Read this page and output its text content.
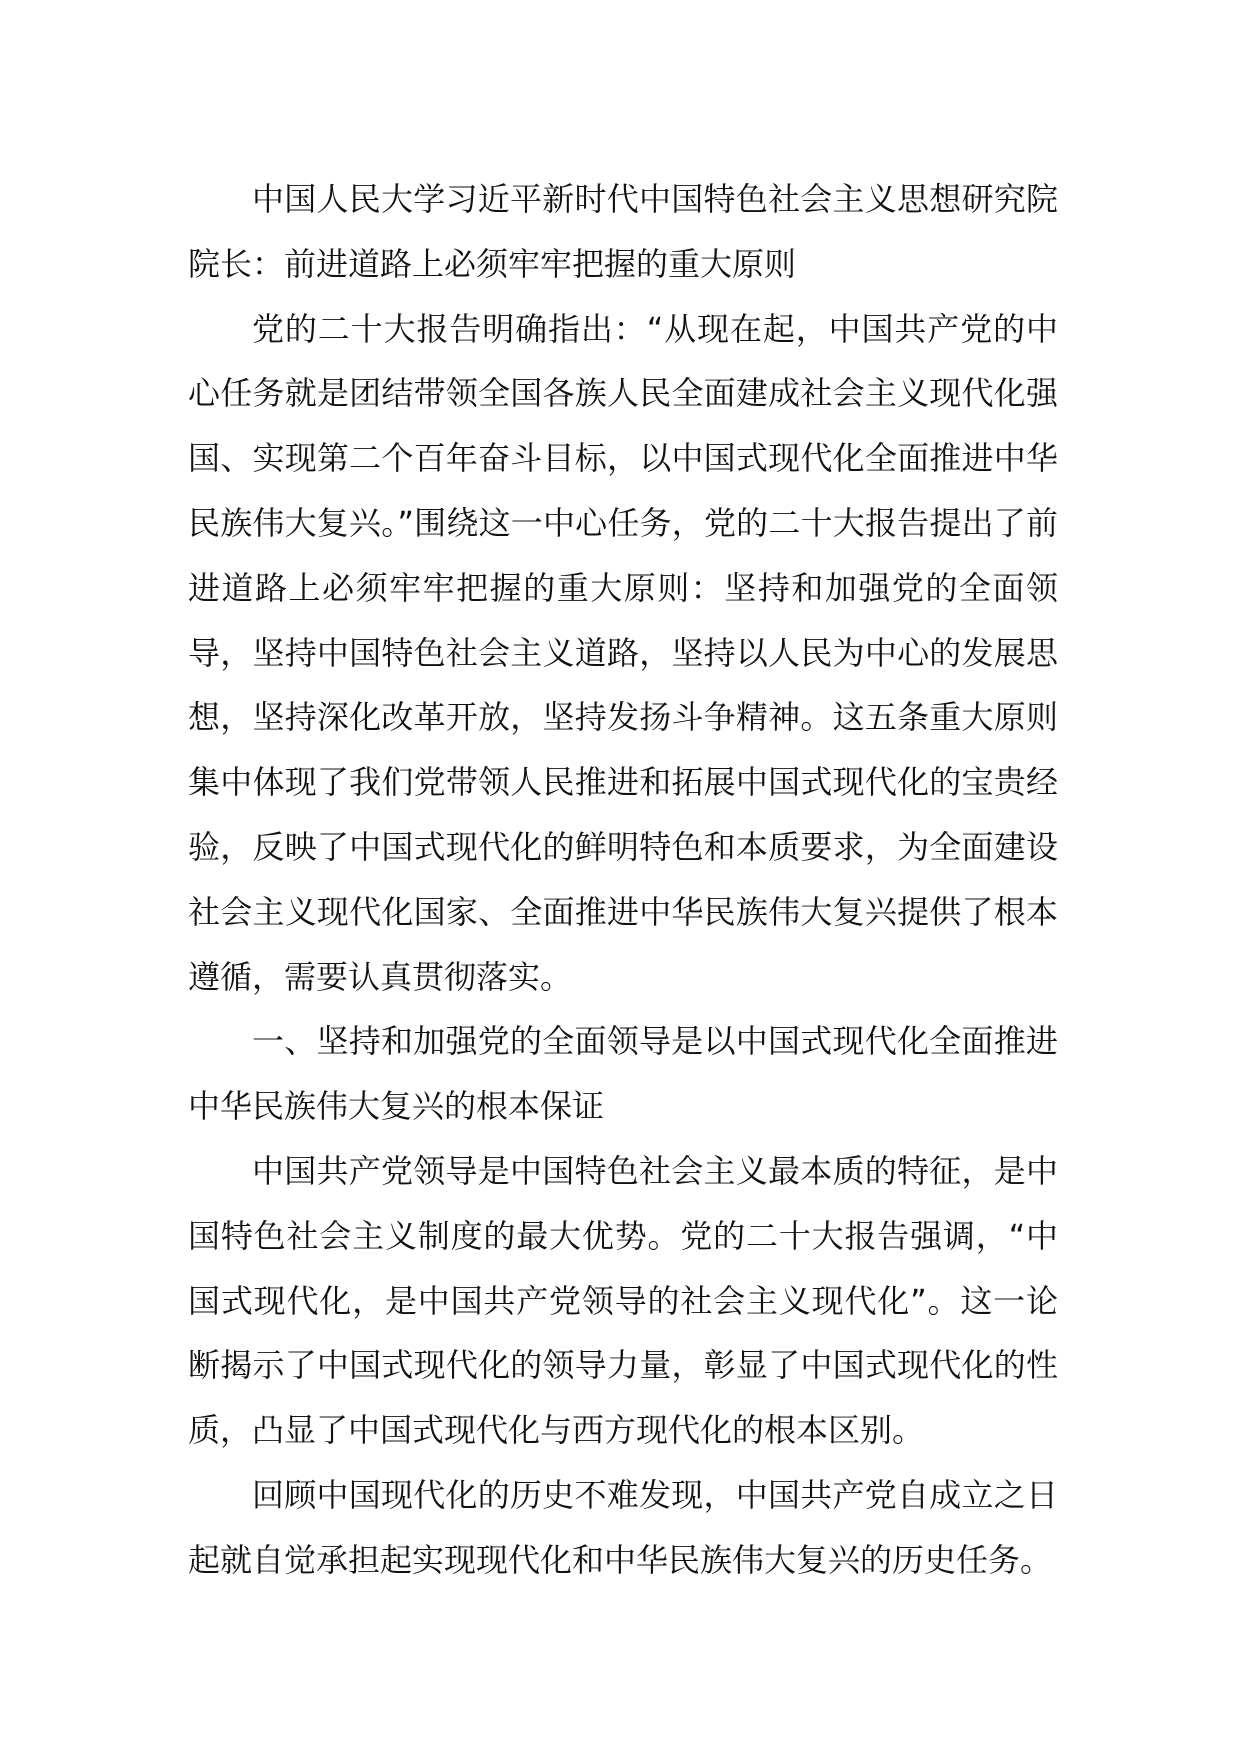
中国人民大学习近平新时代中国特色社会主义思想研究院院长：前进道路上必须牢牢把握的重大原则

党的二十大报告明确指出：“从现在起，中国共产党的中心任务就是团结带领全国各族人民全面建成社会主义现代化强国、实现第二个百年奋斗目标，以中国式现代化全面推进中华民族伟大复兴。”围绕这一中心任务，党的二十大报告提出了前进道路上必须牢牢把握的重大原则：坚持和加强党的全面领导，坚持中国特色社会主义道路，坚持以人民为中心的发展思想，坚持深化改革开放，坚持发扬斗争精神。这五条重大原则集中体现了我们党带领人民推进和拓展中国式现代化的宝贵经验，反映了中国式现代化的鲜明特色和本质要求，为全面建设社会主义现代化国家、全面推进中华民族伟大复兴提供了根本遵循，需要认真贯彻落实。

一、坚持和加强党的全面领导是以中国式现代化全面推进中华民族伟大复兴的根本保证

中国共产党领导是中国特色社会主义最本质的特征，是中国特色社会主义制度的最大优势。党的二十大报告强调，“中国式现代化，是中国共产党领导的社会主义现代化”。这一论断揭示了中国式现代化的领导力量，彰显了中国式现代化的性质，凸显了中国式现代化与西方现代化的根本区别。

回顾中国现代化的历史不难发现，中国共产党自成立之日起就自觉承担起实现现代化和中华民族伟大复兴的历史任务。
